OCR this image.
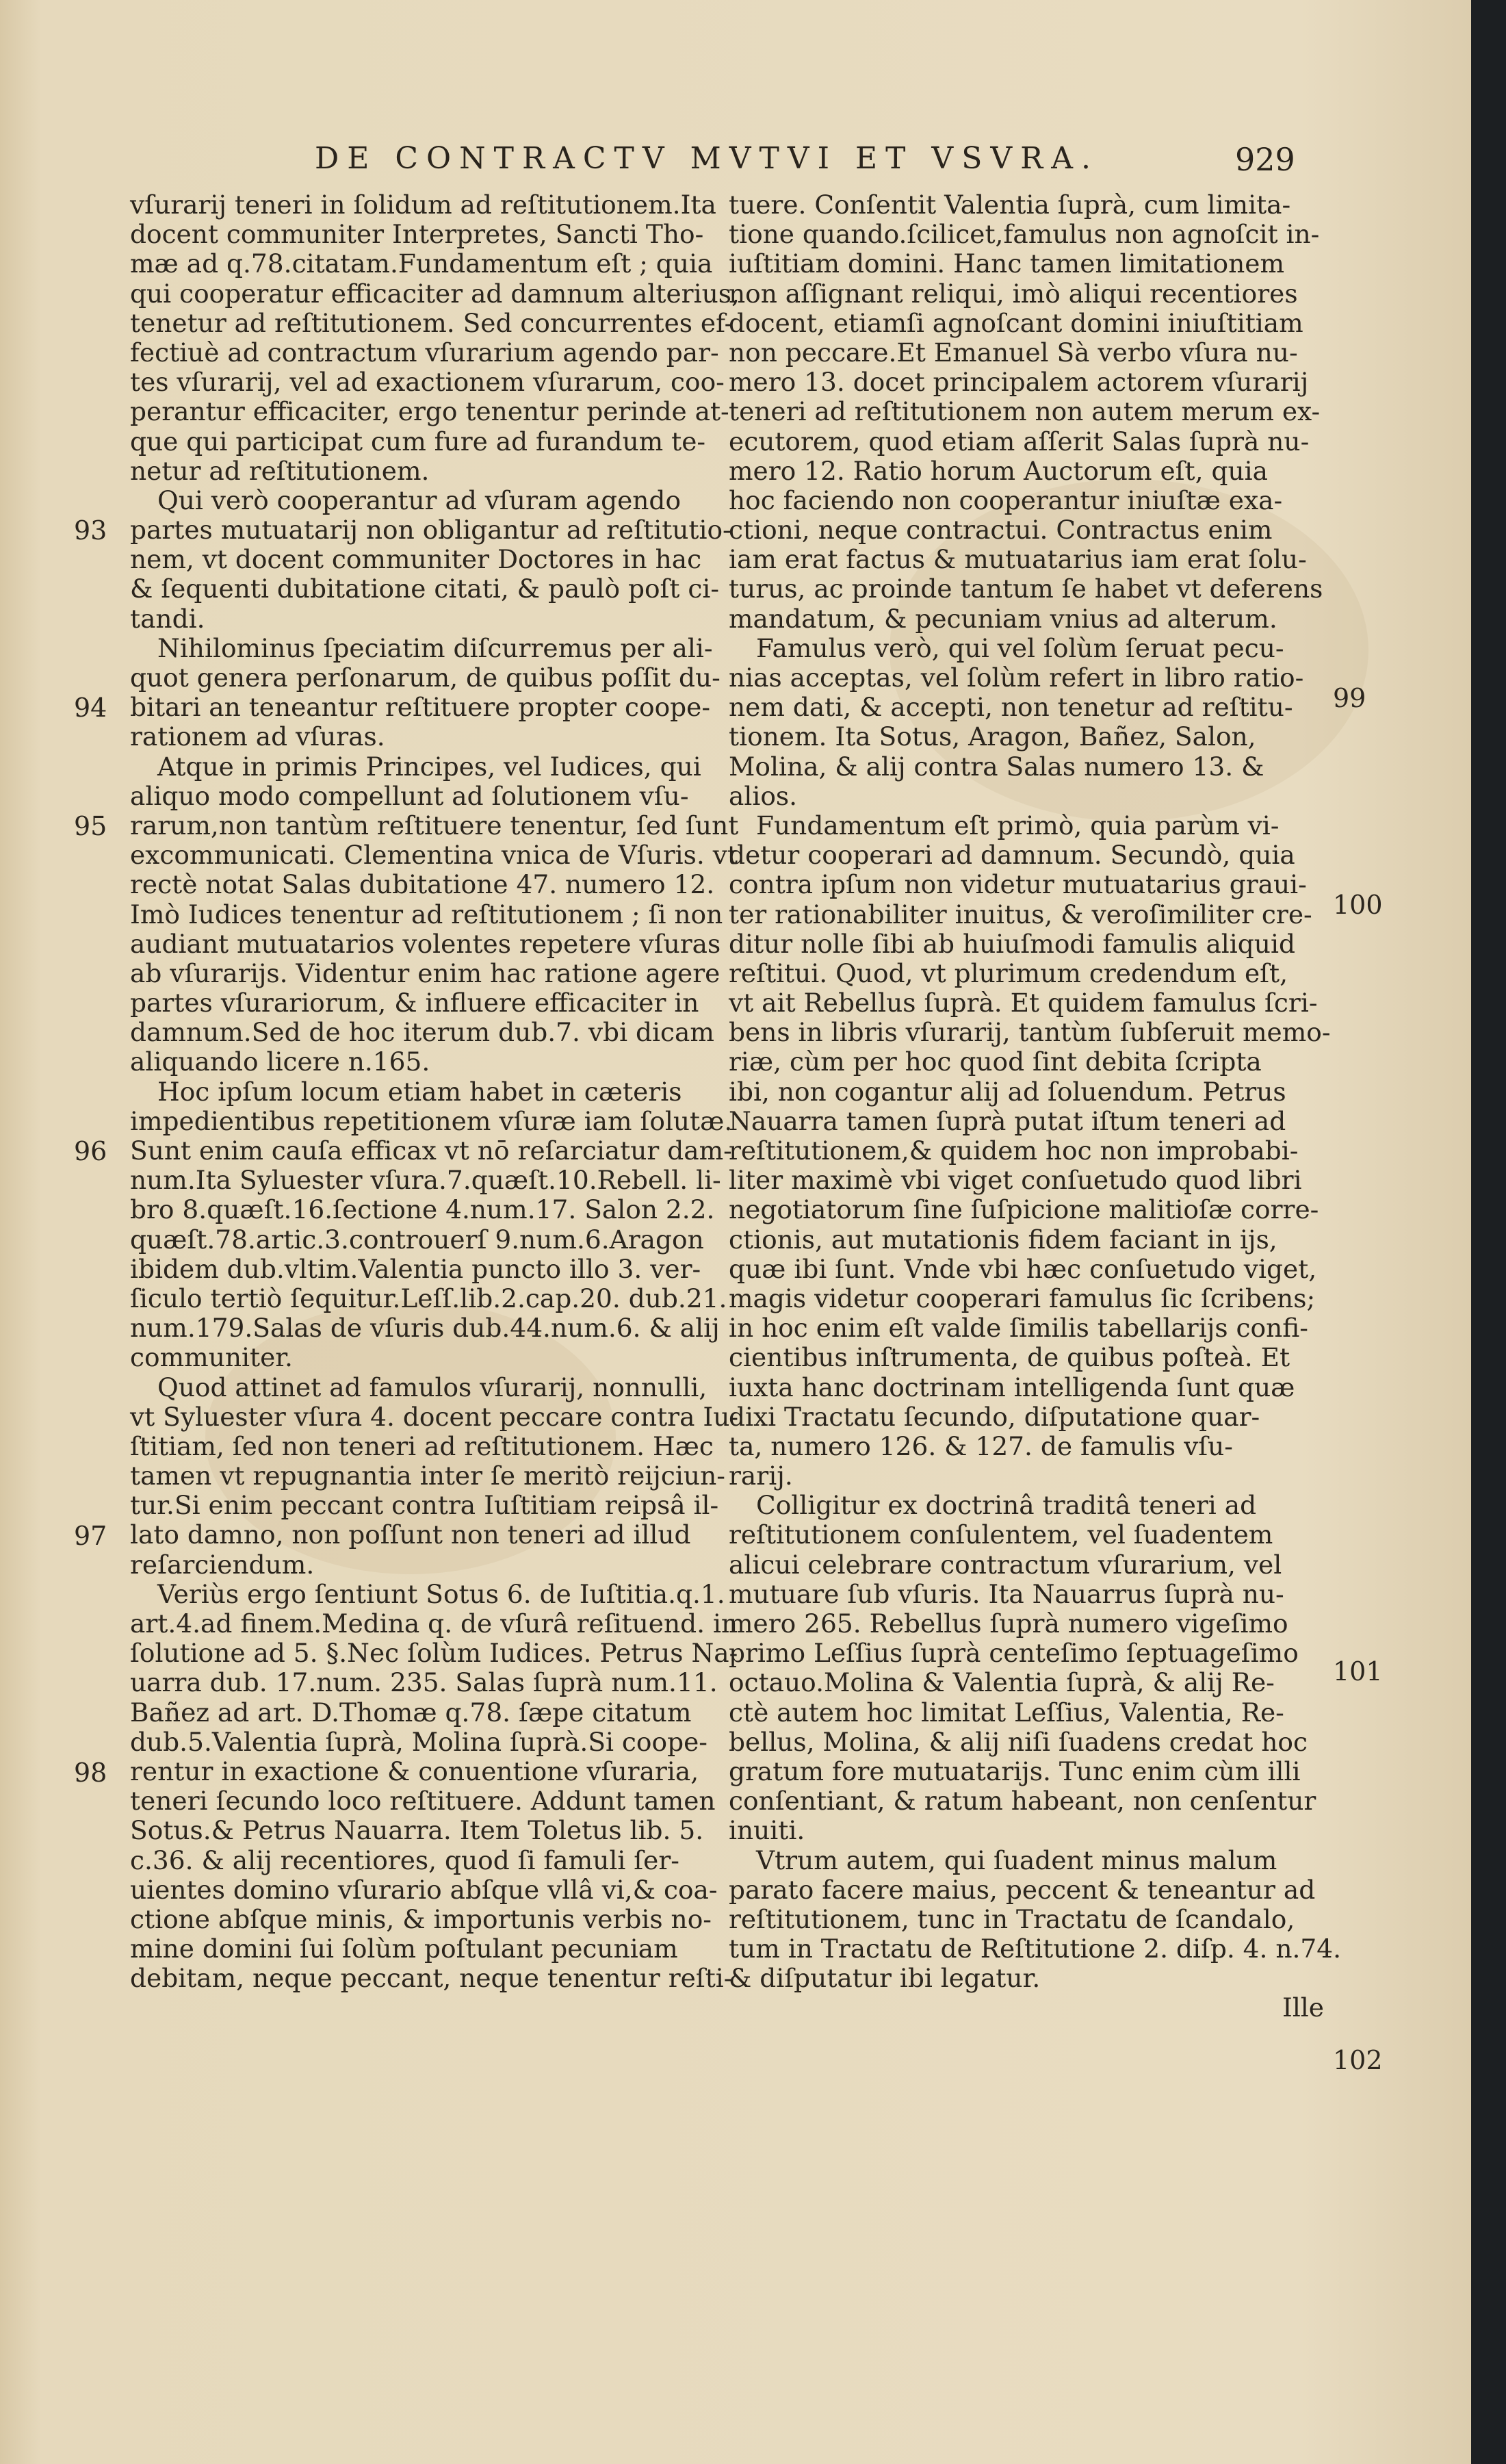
DE CONTRACTV MVTVI ET VSVRA.	929
vſurarij teneri in ſolidum ad reſtitutionem.Ita
docent communiter Interpretes, Sancti Tho-
mæ ad q.78.citatam.Fundamentum eſt ; quia
qui cooperatur efficaciter ad damnum alterius,
tenetur ad reſtitutionem. Sed concurrentes ef-
fectiuè ad contractum vſurarium agendo par-
tes vſurarij, vel ad exactionem vſurarum, coo-
perantur efficaciter, ergo tenentur perinde at-
que qui participat cum fure ad furandum te-
netur ad reſtitutionem.
Qui verò cooperantur ad vſuram agendo
partes mutuatarij non obligantur ad reſtitutio-
nem, vt docent communiter Doctores in hac
& ſequenti dubitatione citati, & paulò poſt ci-
tandi.
Nihilominus ſpeciatim diſcurremus per ali-
quot genera perſonarum, de quibus poſſit du-
bitari an teneantur reſtituere propter coope-
rationem ad vſuras.
Atque in primis Principes, vel Iudices, qui
aliquo modo compellunt ad ſolutionem vſu-
rarum,non tantùm reſtituere tenentur, ſed ſunt
excommunicati. Clementina vnica de Vſuris. vt
rectè notat Salas dubitatione 47. numero 12.
Imò Iudices tenentur ad reſtitutionem ; ſi non
audiant mutuatarios volentes repetere vſuras
ab vſurarijs. Videntur enim hac ratione agere
partes vſurariorum, & influere efficaciter in
damnum.Sed de hoc iterum dub.7. vbi dicam
aliquando licere n.165.
Hoc ipſum locum etiam habet in cæteris
impedientibus repetitionem vſuræ iam ſolutæ.
Sunt enim cauſa efficax vt nō reſarciatur dam-
num.Ita Syluester vſura.7.quæſt.10.Rebell. li-
bro 8.quæſt.16.ſectione 4.num.17. Salon 2.2.
quæſt.78.artic.3.controuerſ 9.num.6.Aragon
ibidem dub.vltim.Valentia puncto illo 3. ver-
ſiculo tertiò ſequitur.Leſſ.lib.2.cap.20. dub.21.
num.179.Salas de vſuris dub.44.num.6. & alij
communiter.
Quod attinet ad famulos vſurarij, nonnulli,
vt Syluester vſura 4. docent peccare contra Iu-
ſtitiam, ſed non teneri ad reſtitutionem. Hæc
tamen vt repugnantia inter ſe meritò reijciun-
tur.Si enim peccant contra Iuſtitiam reipsâ il-
lato damno, non poſſunt non teneri ad illud
reſarciendum.
Veriùs ergo ſentiunt Sotus 6. de Iuſtitia.q.1.
art.4.ad finem.Medina q. de vſurâ reſituend. in
ſolutione ad 5. §.Nec ſolùm Iudices. Petrus Na-
uarra dub. 17.num. 235. Salas ſuprà num.11.
Bañez ad art. D.Thomæ q.78. ſæpe citatum
dub.5.Valentia ſuprà, Molina ſuprà.Si coope-
rentur in exactione & conuentione vſuraria,
teneri ſecundo loco reſtituere. Addunt tamen
Sotus.& Petrus Nauarra. Item Toletus lib. 5.
c.36. & alij recentiores, quod ſi famuli ſer-
uientes domino vſurario abſque vllâ vi,& coa-
ctione abſque minis, & importunis verbis no-
mine domini ſui ſolùm poſtulant pecuniam
debitam, neque peccant, neque tenentur reſti-
tuere. Conſentit Valentia ſuprà, cum limita-
tione quando.ſcilicet,famulus non agnoſcit in-
iuſtitiam domini. Hanc tamen limitationem
non aſſignant reliqui, imò aliqui recentiores
docent, etiamſi agnoſcant domini iniuſtitiam
non peccare.Et Emanuel Sà verbo vſura nu-
mero 13. docet principalem actorem vſurarij
teneri ad reſtitutionem non autem merum ex-
ecutorem, quod etiam aſſerit Salas ſuprà nu-
mero 12. Ratio horum Auctorum eſt, quia
hoc faciendo non cooperantur iniuſtæ exa-
ctioni, neque contractui. Contractus enim
iam erat factus & mutuatarius iam erat ſolu-
turus, ac proinde tantum ſe habet vt deferens
mandatum, & pecuniam vnius ad alterum.
Famulus verò, qui vel ſolùm ſeruat pecu-
nias acceptas, vel ſolùm refert in libro ratio-
nem dati, & accepti, non tenetur ad reſtitu-
tionem. Ita Sotus, Aragon, Bañez, Salon,
Molina, & alij contra Salas numero 13. &
alios.
Fundamentum eſt primò, quia parùm vi-
detur cooperari ad damnum. Secundò, quia
contra ipſum non videtur mutuatarius graui-
ter rationabiliter inuitus, & veroſimiliter cre-
ditur nolle ſibi ab huiuſmodi famulis aliquid
reſtitui. Quod, vt plurimum credendum eſt,
vt ait Rebellus ſuprà. Et quidem famulus ſcri-
bens in libris vſurarij, tantùm ſubſeruit memo-
riæ, cùm per hoc quod ſint debita ſcripta
ibi, non cogantur alij ad ſoluendum. Petrus
Nauarra tamen ſuprà putat iſtum teneri ad
reſtitutionem,& quidem hoc non improbabi-
liter maximè vbi viget conſuetudo quod libri
negotiatorum ſine ſuſpicione malitioſæ corre-
ctionis, aut mutationis fidem faciant in ijs,
quæ ibi ſunt. Vnde vbi hæc conſuetudo viget,
magis videtur cooperari famulus ſic ſcribens;
in hoc enim eſt valde ſimilis tabellarijs confi-
cientibus inſtrumenta, de quibus poſteà. Et
iuxta hanc doctrinam intelligenda ſunt quæ
dixi Tractatu ſecundo, diſputatione quar-
ta, numero 126. & 127. de famulis vſu-
rarij.
Colligitur ex doctrinâ traditâ teneri ad
reſtitutionem conſulentem, vel ſuadentem
alicui celebrare contractum vſurarium, vel
mutuare ſub vſuris. Ita Nauarrus ſuprà nu-
mero 265. Rebellus ſuprà numero vigeſimo
primo Leſſius ſuprà centeſimo ſeptuageſimo
octauo.Molina & Valentia ſuprà, & alij Re-
ctè autem hoc limitat Leſſius, Valentia, Re-
bellus, Molina, & alij niſi ſuadens credat hoc
gratum fore mutuatarijs. Tunc enim cùm illi
conſentiant, & ratum habeant, non cenſentur
inuiti.
Vtrum autem, qui ſuadent minus malum
parato facere maius, peccent & teneantur ad
reſtitutionem, tunc in Tractatu de ſcandalo,
tum in Tractatu de Reſtitutione 2. diſp. 4. n.74.
& diſputatur ibi legatur.
Ille
93
94
95
96
97
98
99
100
101
102
